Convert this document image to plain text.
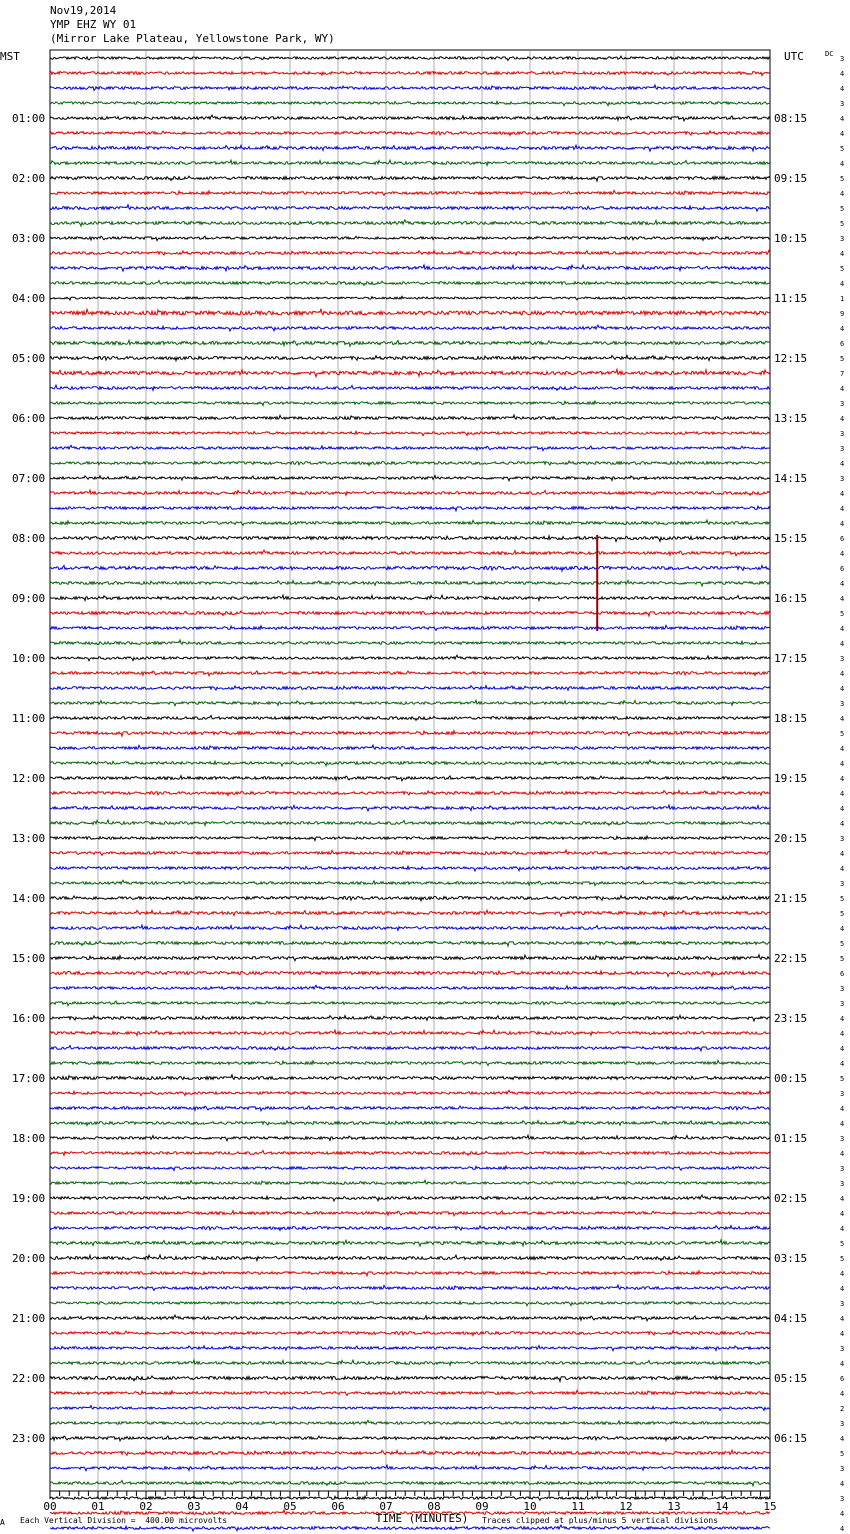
Nov19,2014
YMP EHZ WY 01
(Mirror Lake Plateau, Yellowstone Park, WY)
3
4
4
3
4
4
5
4
5
4
5
5
3
4
5
4
1
9
4
6
5
7
4
3
4
3
3
4
3
4
4
4
6
4
6
4
4
5
4
4
3
4
4
3
4
5
4
4
4
4
4
4
3
4
4
3
5
5
4
5
5
6
3
3
4
4
4
4
5
3
4
4
3
4
3
3
4
4
4
5
5
4
4
3
4
4
3
4
6
4
2
3
4
5
3
4
3
4
4
01:00
02:00
03:00
04:00
05:00
06:00
07:00
08:00
09:00
10:00
11:00
12:00
13:00
14:00
15:00
16:00
17:00
18:00
19:00
20:00
21:00
22:00
23:00
08:15
09:15
10:15
11:15
12:15
13:15
14:15
15:15
16:15
17:15
18:15
19:15
20:15
21:15
22:15
23:15
00:15
01:15
02:15
03:15
04:15
05:15
06:15
MST	UTC	DC
00	01	02	03	04	05	06	07	08	09	10	11	12	13	14	15
TIME (MINUTES)
A Each Vertical Division =  400.00 microvolts	Traces clipped at plus/minus 5 vertical divisions
